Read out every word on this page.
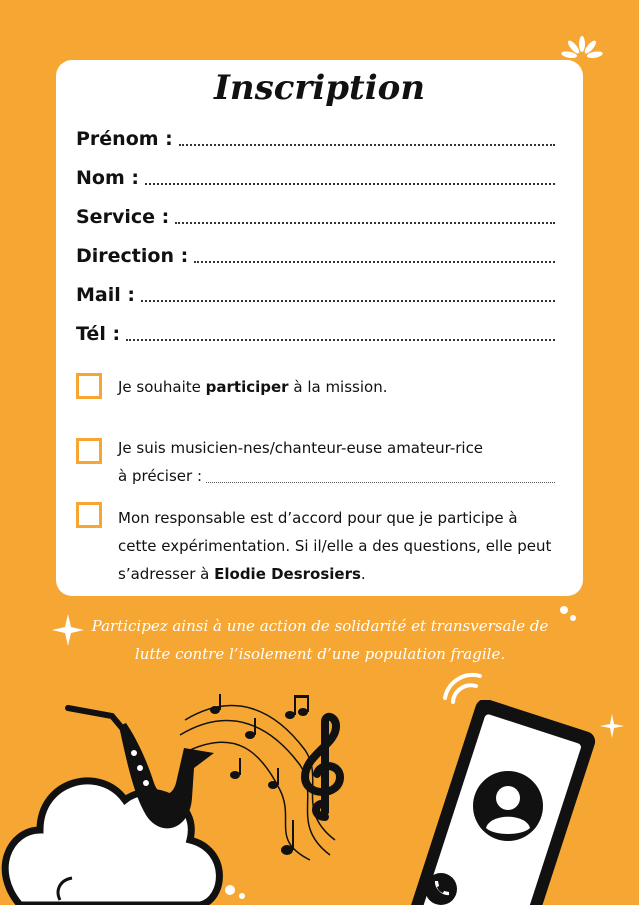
Inscription
Prénom :
Nom :
Service :
Direction :
Mail :
Tél :
Je souhaite participer à la mission.
Je suis musicien-nes/chanteur-euse amateur-rice
à préciser :
Mon responsable est d’accord pour que je participe à
cette expérimentation. Si il/elle a des questions, elle peut
s’adresser à Elodie Desrosiers.
Participez ainsi à une action de solidarité et transversale de
lutte contre l’isolement d’une population fragile.
